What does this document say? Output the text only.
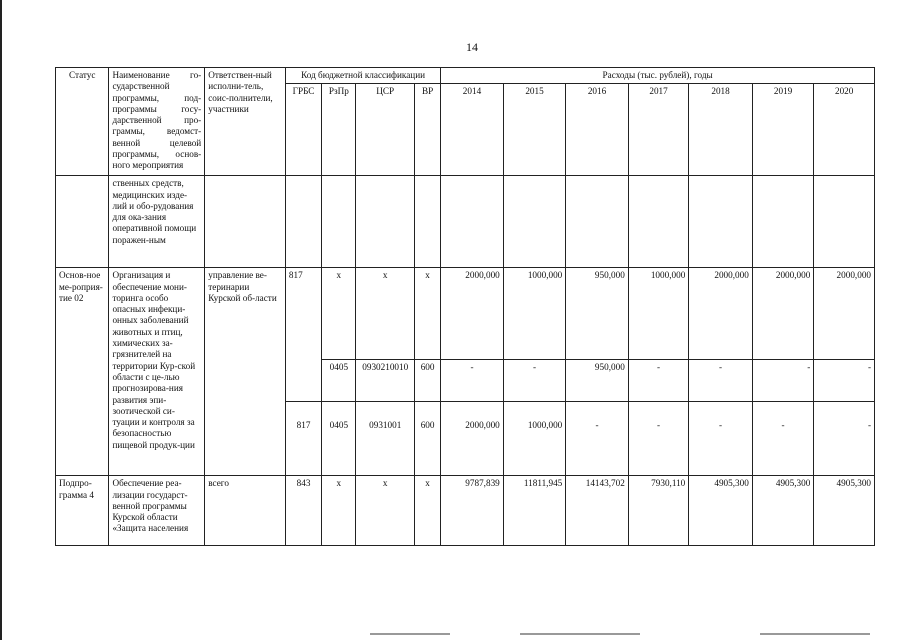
14
Статус	Наименование го-сударственной программы, под-программы госу-дарственной про-граммы, ведомст-венной целевой программы, основ-ного мероприятия	Ответствен-ный исполни-тель, соис-полнители, участники	Код бюджетной классификации				Расходы (тыс. рублей), годы						
			ГРБС	РзПр	ЦСР	ВР	2014	2015	2016	2017	2018	2019	2020
	ственных средств, медицинских изде-лий и обо-рудования для ока-зания оперативной помощи поражен-ным												
Основ-ное ме-роприя-тие 02	Организация и обеспечение мони-торинга особо опасных инфекци-онных заболеваний животных и птиц, химических за-грязнителей на территории Кур-ской области с це-лью прогнозирова-ния развития эпи-зоотической си-туации и контроля за безопасностью пищевой продук-ции	управление ве-теринарии Курской об-ласти	817	х	х	х	2000,000	1000,000	950,000	1000,000	2000,000	2000,000	2000,000
				0405	0930210010	600	-	-	950,000	-	-	-	-
			817	0405	0931001	600	2000,000	1000,000	-	-	-	-	-
Подпро-грамма 4	Обеспечение реа-лизации государст-венной программы Курской области «Защита населения	всего	843	х	х	х	9787,839	11811,945	14143,702	7930,110	4905,300	4905,300	4905,300
